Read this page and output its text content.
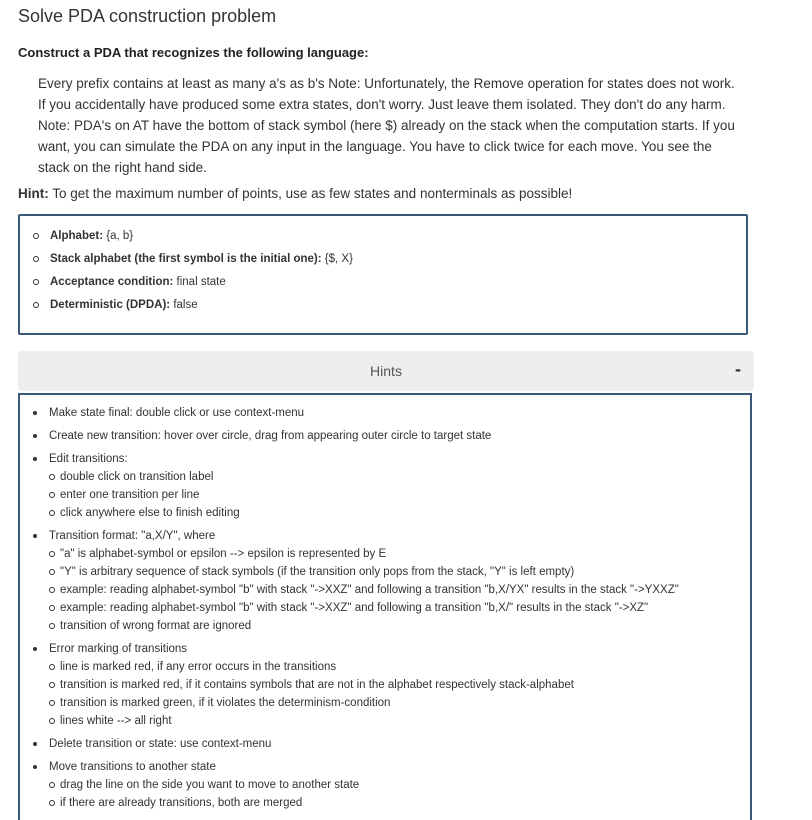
Solve PDA construction problem
Construct a PDA that recognizes the following language:
Every prefix contains at least as many a's as b's Note: Unfortunately, the Remove operation for states does not work. If you accidentally have produced some extra states, don't worry. Just leave them isolated. They don't do any harm. Note: PDA's on AT have the bottom of stack symbol (here $) already on the stack when the computation starts. If you want, you can simulate the PDA on any input in the language. You have to click twice for each move. You see the stack on the right hand side.
Hint: To get the maximum number of points, use as few states and nonterminals as possible!
Alphabet: {a, b}
Stack alphabet (the first symbol is the initial one): {$, X}
Acceptance condition: final state
Deterministic (DPDA): false
Hints	-
Make state final: double click or use context-menu
Create new transition: hover over circle, drag from appearing outer circle to target state
Edit transitions:
double click on transition label
enter one transition per line
click anywhere else to finish editing
Transition format: "a,X/Y", where
"a" is alphabet-symbol or epsilon --> epsilon is represented by E
"Y" is arbitrary sequence of stack symbols (if the transition only pops from the stack, "Y" is left empty)
example: reading alphabet-symbol "b" with stack "->XXZ" and following a transition "b,X/YX" results in the stack "->YXXZ"
example: reading alphabet-symbol "b" with stack "->XXZ" and following a transition "b,X/" results in the stack "->XZ"
transition of wrong format are ignored
Error marking of transitions
line is marked red, if any error occurs in the transitions
transition is marked red, if it contains symbols that are not in the alphabet respectively stack-alphabet
transition is marked green, if it violates the determinism-condition
lines white --> all right
Delete transition or state: use context-menu
Move transitions to another state
drag the line on the side you want to move to another state
if there are already transitions, both are merged
